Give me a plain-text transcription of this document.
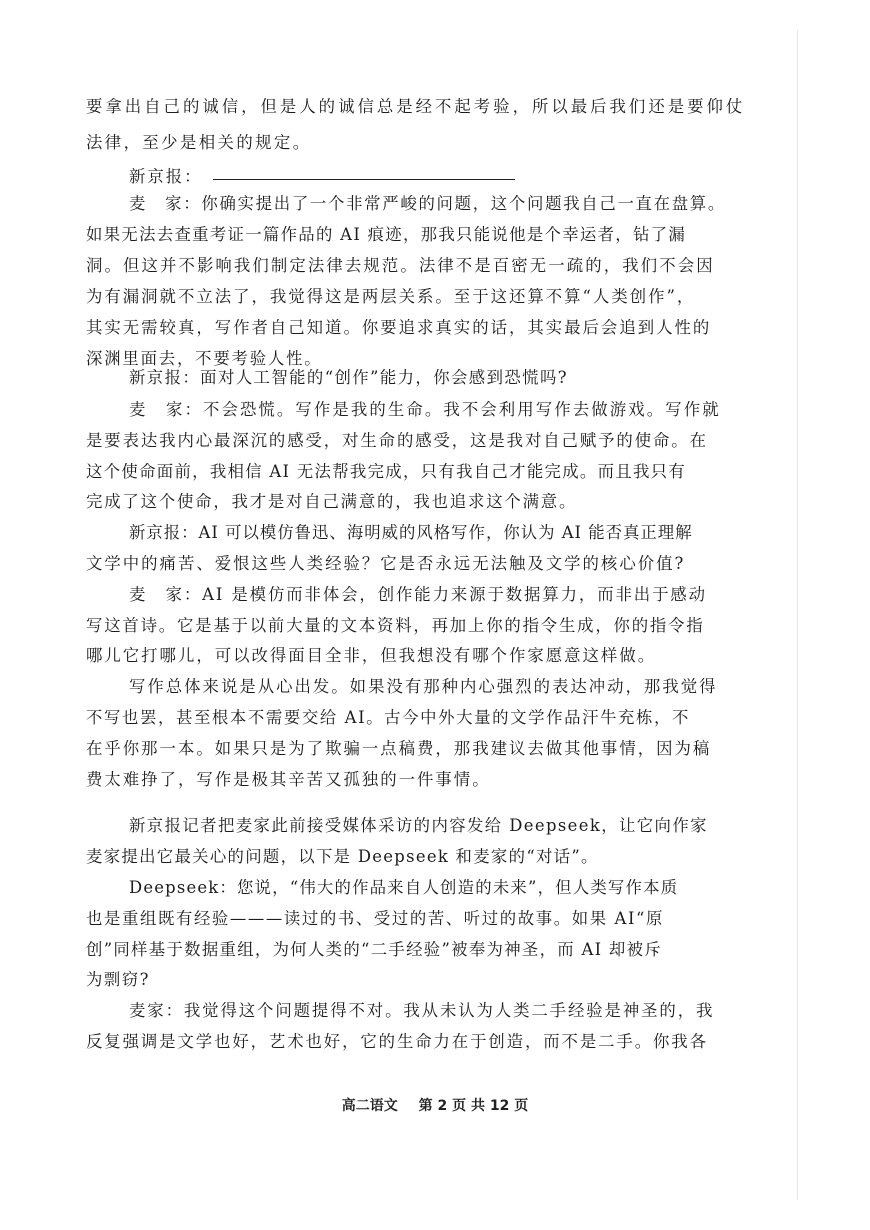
要拿出自己的诚信，但是人的诚信总是经不起考验，所以最后我们还是要仰仗
法律，至少是相关的规定。
新京报：
麦　家：你确实提出了一个非常严峻的问题，这个问题我自己一直在盘算。
如果无法去查重考证一篇作品的 AI 痕迹，那我只能说他是个幸运者，钻了漏
洞。但这并不影响我们制定法律去规范。法律不是百密无一疏的，我们不会因
为有漏洞就不立法了，我觉得这是两层关系。至于这还算不算“人类创作”，
其实无需较真，写作者自己知道。你要追求真实的话，其实最后会追到人性的
深渊里面去，不要考验人性。
新京报：面对人工智能的“创作”能力，你会感到恐慌吗?
麦　家：不会恐慌。写作是我的生命。我不会利用写作去做游戏。写作就
是要表达我内心最深沉的感受，对生命的感受，这是我对自己赋予的使命。在
这个使命面前，我相信 AI 无法帮我完成，只有我自己才能完成。而且我只有
完成了这个使命，我才是对自己满意的，我也追求这个满意。
新京报：AI 可以模仿鲁迅、海明威的风格写作，你认为 AI 能否真正理解
文学中的痛苦、爱恨这些人类经验？它是否永远无法触及文学的核心价值?
麦　家：AI 是模仿而非体会，创作能力来源于数据算力，而非出于感动
写这首诗。它是基于以前大量的文本资料，再加上你的指令生成，你的指令指
哪儿它打哪儿，可以改得面目全非，但我想没有哪个作家愿意这样做。
写作总体来说是从心出发。如果没有那种内心强烈的表达冲动，那我觉得
不写也罢，甚至根本不需要交给 AI。古今中外大量的文学作品汗牛充栋，不
在乎你那一本。如果只是为了欺骗一点稿费，那我建议去做其他事情，因为稿
费太难挣了，写作是极其辛苦又孤独的一件事情。
新京报记者把麦家此前接受媒体采访的内容发给 Deepseek，让它向作家
麦家提出它最关心的问题，以下是 Deepseek 和麦家的“对话”。
Deepseek：您说，“伟大的作品来自人创造的未来”，但人类写作本质
也是重组既有经验———读过的书、受过的苦、听过的故事。如果 AI“原
创”同样基于数据重组，为何人类的“二手经验”被奉为神圣，而 AI 却被斥
为剽窃?
麦家：我觉得这个问题提得不对。我从未认为人类二手经验是神圣的，我
反复强调是文学也好，艺术也好，它的生命力在于创造，而不是二手。你我各
高二语文 第 2 页 共 12 页
